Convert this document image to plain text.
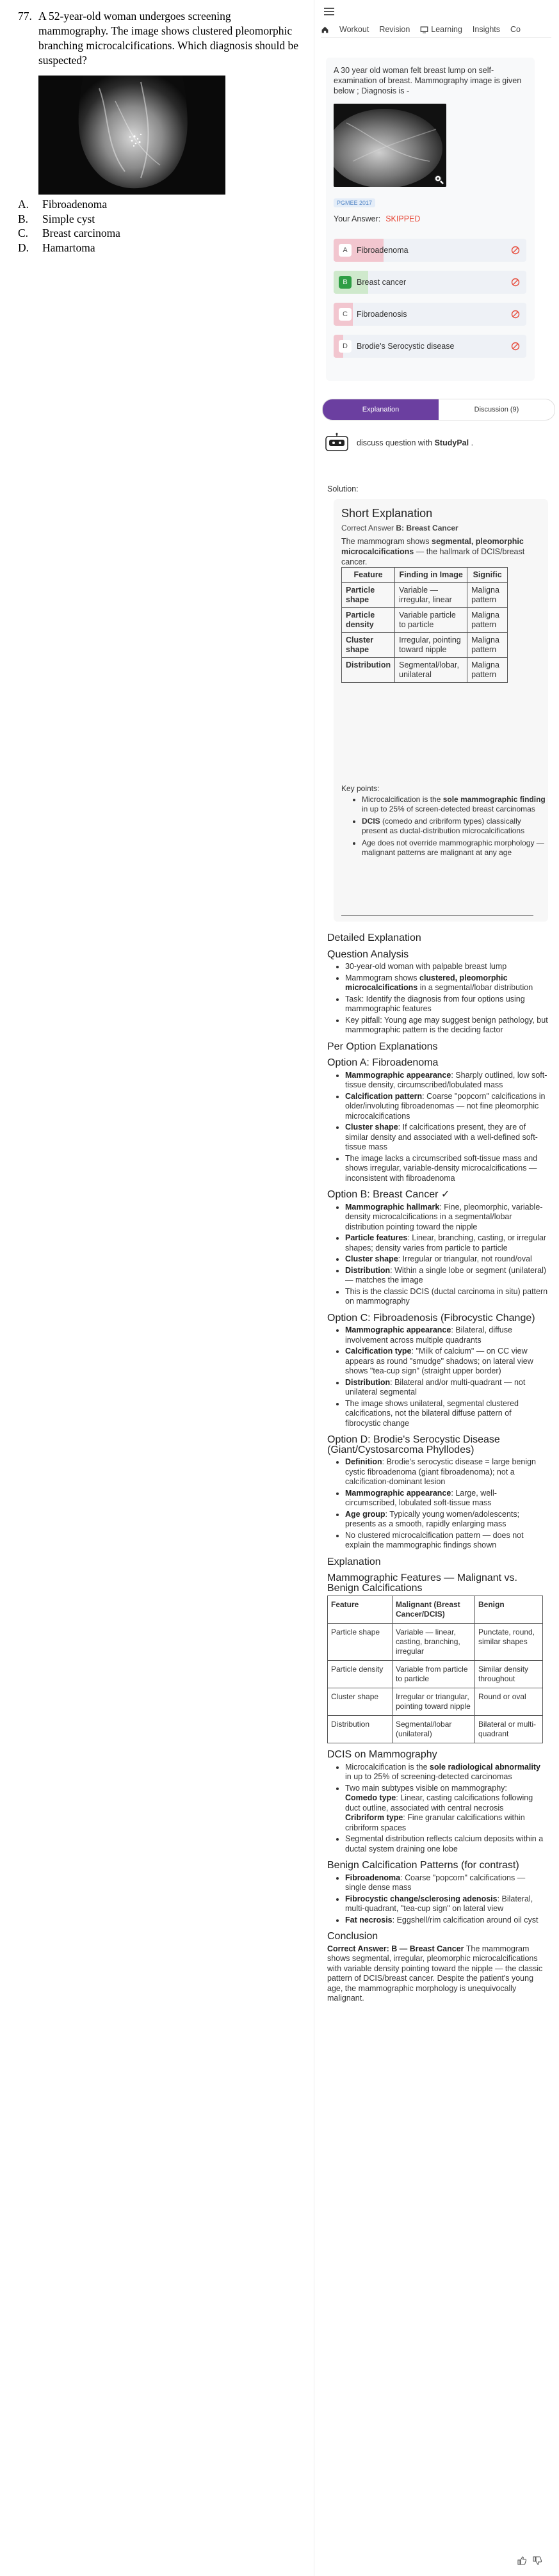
77. A 52-year-old woman undergoes screening mammography. The image shows clustered pleomorphic branching microcalcifications. Which diagnosis should be suspected?
A.	Fibroadenoma
B.	Simple cyst
C.	Breast carcinoma
D.	Hamartoma
Workout Revision	Learning Insights Co
A 30 year old woman felt breast lump on self-examination of breast. Mammography image is given below ; Diagnosis is -
PGMEE 2017
Your Answer: SKIPPED
A	Fibroadenoma
B	Breast cancer
C	Fibroadenosis
D	Brodie's Serocystic disease
Explanation	Discussion (9)
discuss question with StudyPal .
Solution:
Short Explanation
Correct Answer B: Breast Cancer
The mammogram shows segmental, pleomorphic microcalcifications — the hallmark of DCIS/breast cancer.
Feature	Finding in Image	Signific
Particle shape	Variable — irregular, linear	Maligna pattern
Particle density	Variable particle to particle	Maligna pattern
Cluster shape	Irregular, pointing toward nipple	Maligna pattern
Distribution	Segmental/lobar, unilateral	Maligna pattern
Key points:
• Microcalcification is the sole mammographic finding in up to 25% of screen-detected breast carcinomas
• DCIS (comedo and cribriform types) classically present as ductal-distribution microcalcifications
• Age does not override mammographic morphology — malignant patterns are malignant at any age
Detailed Explanation
Question Analysis
• 30-year-old woman with palpable breast lump
• Mammogram shows clustered, pleomorphic microcalcifications in a segmental/lobar distribution
• Task: Identify the diagnosis from four options using mammographic features
• Key pitfall: Young age may suggest benign pathology, but mammographic pattern is the deciding factor
Per Option Explanations
Option A: Fibroadenoma
• Mammographic appearance: Sharply outlined, low soft-tissue density, circumscribed/lobulated mass
• Calcification pattern: Coarse "popcorn" calcifications in older/involuting fibroadenomas — not fine pleomorphic microcalcifications
• Cluster shape: If calcifications present, they are of similar density and associated with a well-defined soft-tissue mass
• The image lacks a circumscribed soft-tissue mass and shows irregular, variable-density microcalcifications — inconsistent with fibroadenoma
Option B: Breast Cancer ✓
• Mammographic hallmark: Fine, pleomorphic, variable-density microcalcifications in a segmental/lobar distribution pointing toward the nipple
• Particle features: Linear, branching, casting, or irregular shapes; density varies from particle to particle
• Cluster shape: Irregular or triangular, not round/oval
• Distribution: Within a single lobe or segment (unilateral) — matches the image
• This is the classic DCIS (ductal carcinoma in situ) pattern on mammography
Option C: Fibroadenosis (Fibrocystic Change)
• Mammographic appearance: Bilateral, diffuse involvement across multiple quadrants
• Calcification type: "Milk of calcium" — on CC view appears as round "smudge" shadows; on lateral view shows "tea-cup sign" (straight upper border)
• Distribution: Bilateral and/or multi-quadrant — not unilateral segmental
• The image shows unilateral, segmental clustered calcifications, not the bilateral diffuse pattern of fibrocystic change
Option D: Brodie's Serocystic Disease (Giant/Cystosarcoma Phyllodes)
• Definition: Brodie's serocystic disease = large benign cystic fibroadenoma (giant fibroadenoma); not a calcification-dominant lesion
• Mammographic appearance: Large, well-circumscribed, lobulated soft-tissue mass
• Age group: Typically young women/adolescents; presents as a smooth, rapidly enlarging mass
• No clustered microcalcification pattern — does not explain the mammographic findings shown
Explanation
Mammographic Features — Malignant vs. Benign Calcifications
Feature	Malignant (Breast Cancer/DCIS)	Benign
Particle shape	Variable — linear, casting, branching, irregular	Punctate, round, similar shapes
Particle density	Variable from particle to particle	Similar density throughout
Cluster shape	Irregular or triangular, pointing toward nipple	Round or oval
Distribution	Segmental/lobar (unilateral)	Bilateral or multi-quadrant
DCIS on Mammography
• Microcalcification is the sole radiological abnormality in up to 25% of screening-detected carcinomas
• Two main subtypes visible on mammography:
Comedo type: Linear, casting calcifications following duct outline, associated with central necrosis
Cribriform type: Fine granular calcifications within cribriform spaces
• Segmental distribution reflects calcium deposits within a ductal system draining one lobe
Benign Calcification Patterns (for contrast)
• Fibroadenoma: Coarse "popcorn" calcifications — single dense mass
• Fibrocystic change/sclerosing adenosis: Bilateral, multi-quadrant, "tea-cup sign" on lateral view
• Fat necrosis: Eggshell/rim calcification around oil cyst
Conclusion
Correct Answer: B — Breast Cancer The mammogram shows segmental, irregular, pleomorphic microcalcifications with variable density pointing toward the nipple — the classic pattern of DCIS/breast cancer. Despite the patient's young age, the mammographic morphology is unequivocally malignant.
